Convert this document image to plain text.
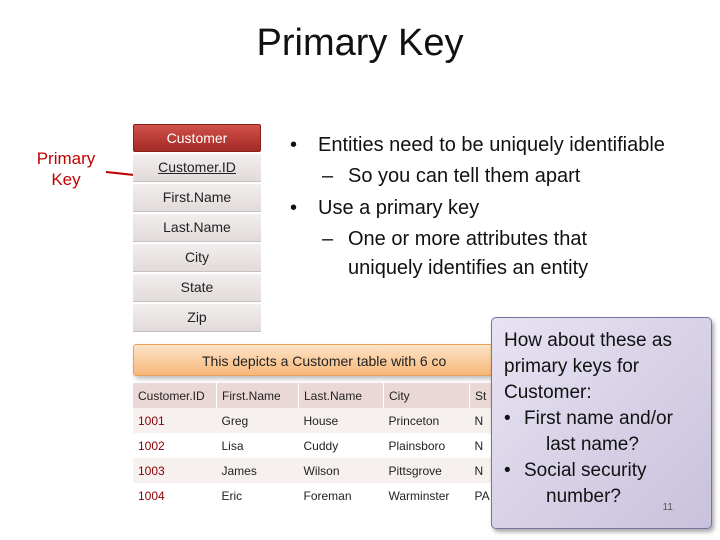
Primary Key
Primary Key
Customer
Customer.ID
First.Name
Last.Name
City
State
Zip
• Entities need to be uniquely identifiable
– So you can tell them apart
• Use a primary key
– One or more attributes that
uniquely identifies an entity
This depicts a Customer table with 6 co
Customer.ID	First.Name	Last.Name	City	St
1001	Greg	House	Princeton	N
1002	Lisa	Cuddy	Plainsboro	N
1003	James	Wilson	Pittsgrove	N
1004	Eric	Foreman	Warminster	PA
How about these as
primary keys for
Customer:
• First name and/or
last name?
• Social security
number?
11
